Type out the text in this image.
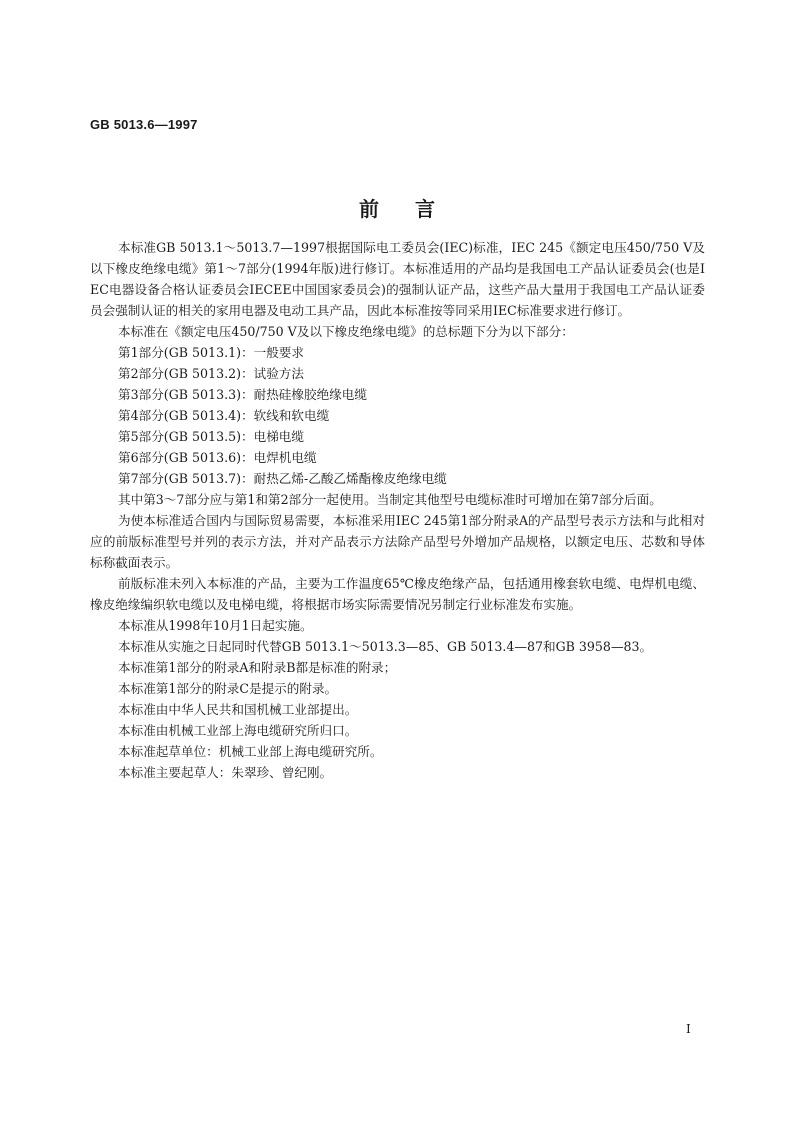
GB 5013.6—1997
前言

本标准GB 5013.1～5013.7—1997根据国际电工委员会(IEC)标准，IEC 245《额定电压450/750 V及以下橡皮绝缘电缆》第1～7部分(1994年版)进行修订。本标准适用的产品均是我国电工产品认证委员会(也是IEC电器设备合格认证委员会IECEE中国国家委员会)的强制认证产品，这些产品大量用于我国电工产品认证委员会强制认证的相关的家用电器及电动工具产品，因此本标准按等同采用IEC标准要求进行修订。

本标准在《额定电压450/750 V及以下橡皮绝缘电缆》的总标题下分为以下部分：

第1部分(GB 5013.1)：一般要求

第2部分(GB 5013.2)：试验方法

第3部分(GB 5013.3)：耐热硅橡胶绝缘电缆

第4部分(GB 5013.4)：软线和软电缆

第5部分(GB 5013.5)：电梯电缆

第6部分(GB 5013.6)：电焊机电缆

第7部分(GB 5013.7)：耐热乙烯-乙酸乙烯酯橡皮绝缘电缆

其中第3～7部分应与第1和第2部分一起使用。当制定其他型号电缆标准时可增加在第7部分后面。

为使本标准适合国内与国际贸易需要，本标准采用IEC 245第1部分附录A的产品型号表示方法和与此相对应的前版标准型号并列的表示方法，并对产品表示方法除产品型号外增加产品规格，以额定电压、芯数和导体标称截面表示。

前版标准未列入本标准的产品，主要为工作温度65℃橡皮绝缘产品，包括通用橡套软电缆、电焊机电缆、橡皮绝缘编织软电缆以及电梯电缆，将根据市场实际需要情况另制定行业标准发布实施。

本标准从1998年10月1日起实施。

本标准从实施之日起同时代替GB 5013.1～5013.3—85、GB 5013.4—87和GB 3958—83。

本标准第1部分的附录A和附录B都是标准的附录；

本标准第1部分的附录C是提示的附录。

本标准由中华人民共和国机械工业部提出。

本标准由机械工业部上海电缆研究所归口。

本标准起草单位：机械工业部上海电缆研究所。

本标准主要起草人：朱翠珍、曾纪刚。

I
